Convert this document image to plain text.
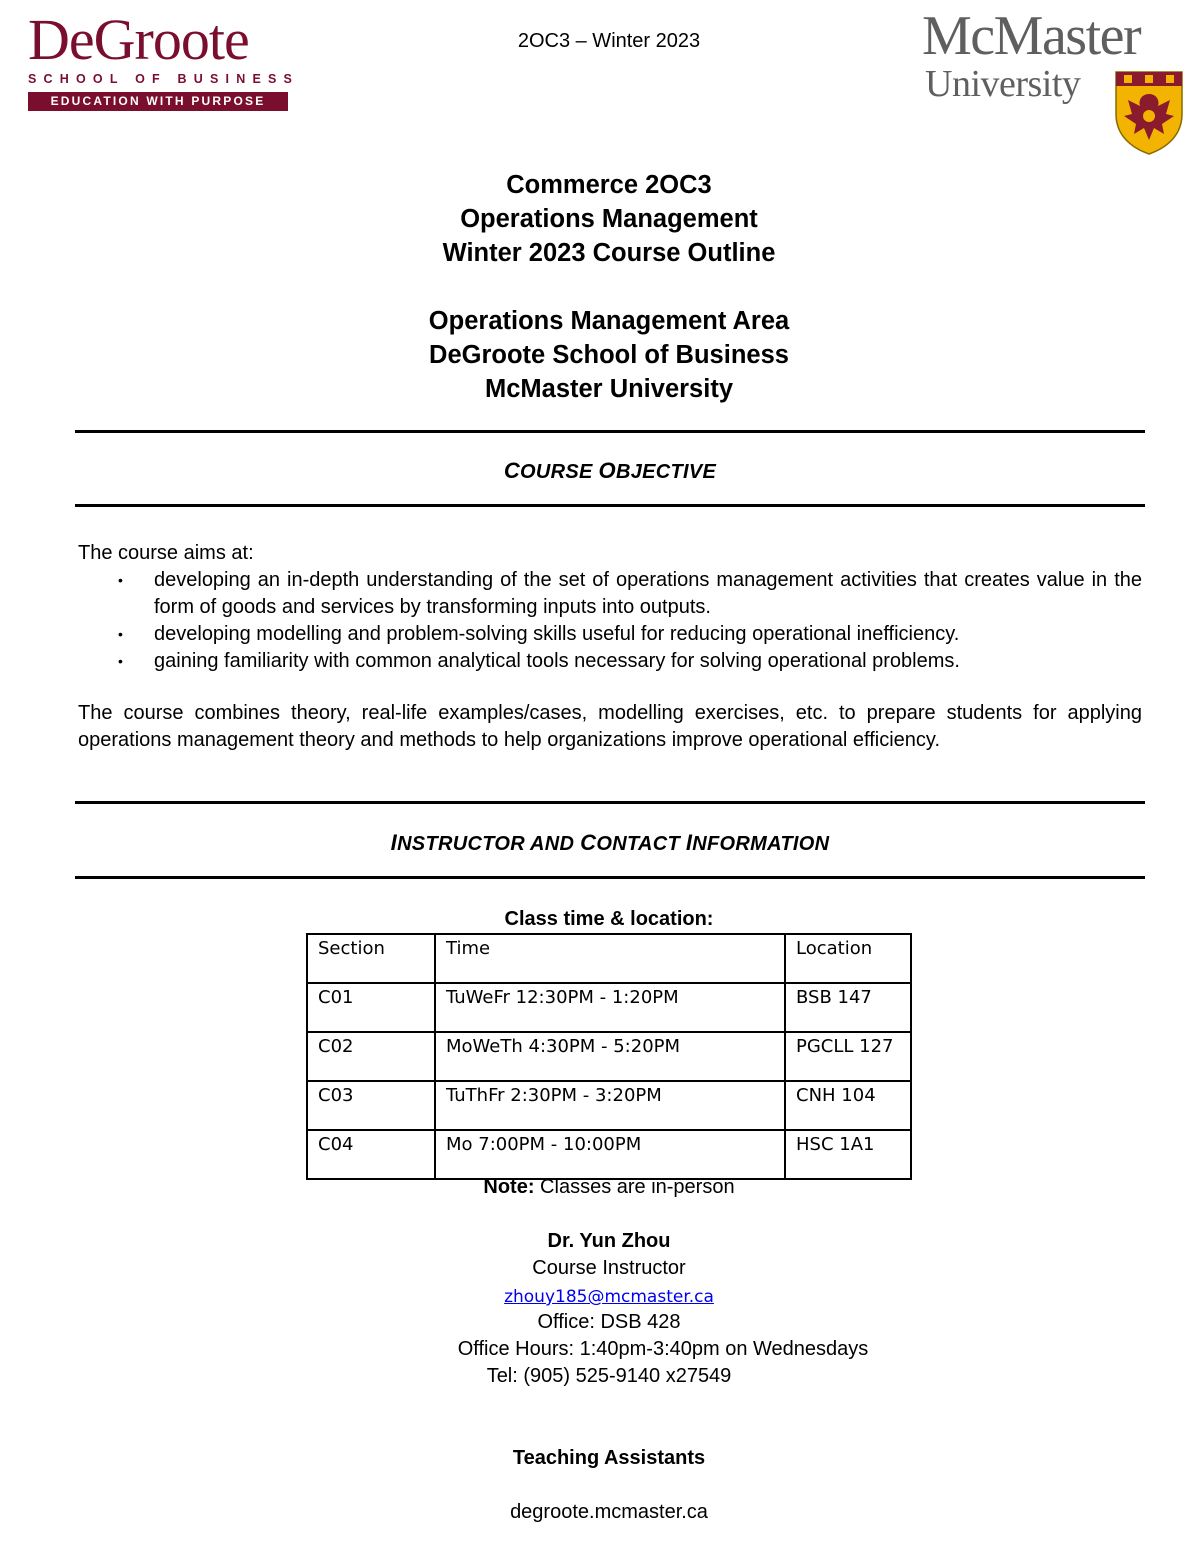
DeGroote
SCHOOL OF BUSINESS
EDUCATION WITH PURPOSE
2OC3 – Winter 2023	McMaster
University
Commerce 2OC3
Operations Management
Winter 2023 Course Outline
Operations Management Area
DeGroote School of Business
McMaster University
COURSE OBJECTIVE
The course aims at:
• developing an in-depth understanding of the set of operations management activities that creates value in the form of goods and services by transforming inputs into outputs.
• developing modelling and problem-solving skills useful for reducing operational inefficiency.
• gaining familiarity with common analytical tools necessary for solving operational problems.
The course combines theory, real-life examples/cases, modelling exercises, etc. to prepare students for applying operations management theory and methods to help organizations improve operational efficiency.
INSTRUCTOR AND CONTACT INFORMATION
Class time & location:
Section	Time	Location
C01	TuWeFr 12:30PM - 1:20PM	BSB 147
C02	MoWeTh 4:30PM - 5:20PM	PGCLL 127
C03	TuThFr 2:30PM - 3:20PM	CNH 104
C04	Mo 7:00PM - 10:00PM	HSC 1A1
Note: Classes are in-person
Dr. Yun Zhou
Course Instructor
zhouy185@mcmaster.ca
Office: DSB 428
Office Hours: 1:40pm-3:40pm on Wednesdays
Tel: (905) 525-9140 x27549
Teaching Assistants
degroote.mcmaster.ca
